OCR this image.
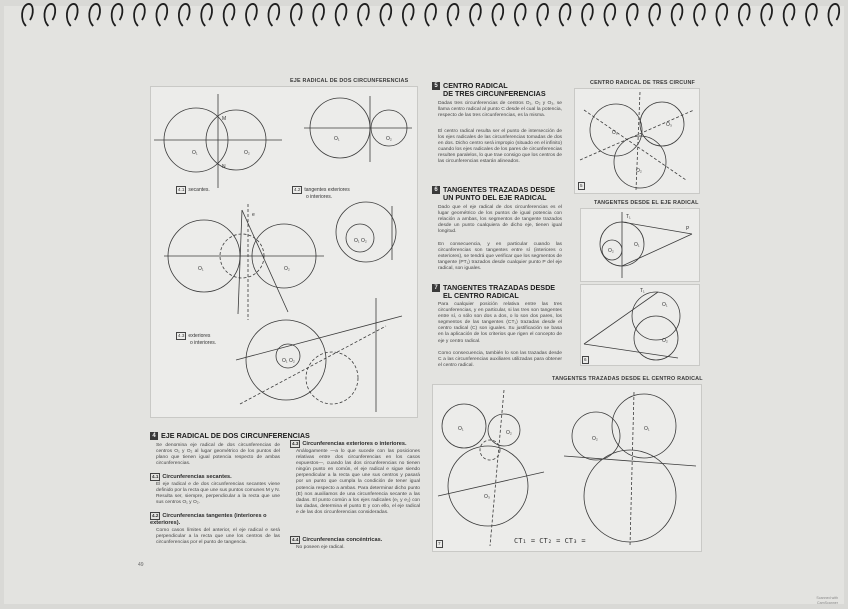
EJE RADICAL DE DOS CIRCUNFERENCIAS
O₁	O₂
M
N
4.1 secantes.
O₁	O₂
4.2 tangentes exteriores
o interiores.
O₁ O₂
O₁	O₂
e
4.3 exteriores
o interiores.
O₁ O₂
5 CENTRO RADICAL
DE TRES CIRCUNFERENCIAS
Dadas tres circunferencias de centros O₁, O₂ y O₃, se llama centro radical al punto C desde el cual la potencia, respecto de las tres circunferencias, es la misma.
El centro radical resulta ser el punto de intersección de los ejes radicales de las circunferencias tomadas de dos en dos. Dicho centro será impropio (situado en el infinito) cuando los ejes radicales de los pares de circunferencias resulten paralelos, lo que trae consigo que los centros de las circunferencias estarán alineados.
6 TANGENTES TRAZADAS DESDE
UN PUNTO DEL EJE RADICAL
Dado que el eje radical de dos circunferencias es el lugar geométrico de los puntos de igual potencia con relación a ambas, los segmentos de tangente trazados desde un punto cualquiera de dicho eje, tienen igual longitud.
En consecuencia, y en particular cuando las circunferencias son tangentes entre sí (interiores o exteriores), se tendrá que verificar que los segmentos de tangente (PT₁) trazados desde cualquier punto P del eje radical, son iguales.
7 TANGENTES TRAZADAS DESDE
EL CENTRO RADICAL
Para cualquier posición relativa entre las tres circunferencias, y en particular, si las tres son tangentes entre sí, o sólo son dos a dos, o lo son dos pares, los segmentos de las tangentes (CT₁) trazadas desde el centro radical (C) son iguales. Su justificación se basa en la aplicación de los criterios que rigen el concepto de eje y centro radical.
Como consecuencia, también lo son las trazadas desde C a las circunferencias auxiliares utilizadas para obtener el centro radical.
CENTRO RADICAL DE TRES CIRCUNF
O₁
O₃
O₂
5
TANGENTES DESDE EL EJE RADICAL
O₂
O₁
P
T₁
O₁
O₂
T₁
6
TANGENTES TRAZADAS DESDE EL CENTRO RADICAL
O₁
O₂
O₃
O₁
O₂
7	CT₁ = CT₂ = CT₃ =
4 EJE RADICAL DE DOS CIRCUNFERENCIAS
Se denomina eje radical de dos circunferencias de centros O₁ y O₂ al lugar geométrico de los puntos del plano que tienen igual potencia respecto de ambas circunferencias.
4.1 Circunferencias secantes.
El eje radical e de dos circunferencias secantes viene definido por la recta que une sus puntos comunes M y N. Resulta ser, siempre, perpendicular a la recta que une sus centros O₁ y O₂.
4.2 Circunferencias tangentes (interiores o exteriores).
Como casos límites del anterior, el eje radical e será perpendicular a la recta que une los centros de las circunferencias por el punto de tangencia.
4.3 Circunferencias exteriores o interiores.
Análogamente —a lo que sucede con las posiciones relativas entre dos circunferencias en los casos expuestos—, cuando las dos circunferencias no tienen ningún punto en común, el eje radical e sigue siendo perpendicular a la recta que une sus centros y pasará por un punto que cumpla la condición de tener igual potencia respecto a ambas. Para determinar dicho punto (E) nos auxiliamos de una circunferencia secante a las dadas. El punto común a los ejes radicales (e₁ y e₂) con las dadas, determina el punto E y con ello, el eje radical e de las dos circunferencias consideradas.
4.4 Circunferencias concéntricas.
No poseen eje radical.
49
Scanned with
CamScanner
